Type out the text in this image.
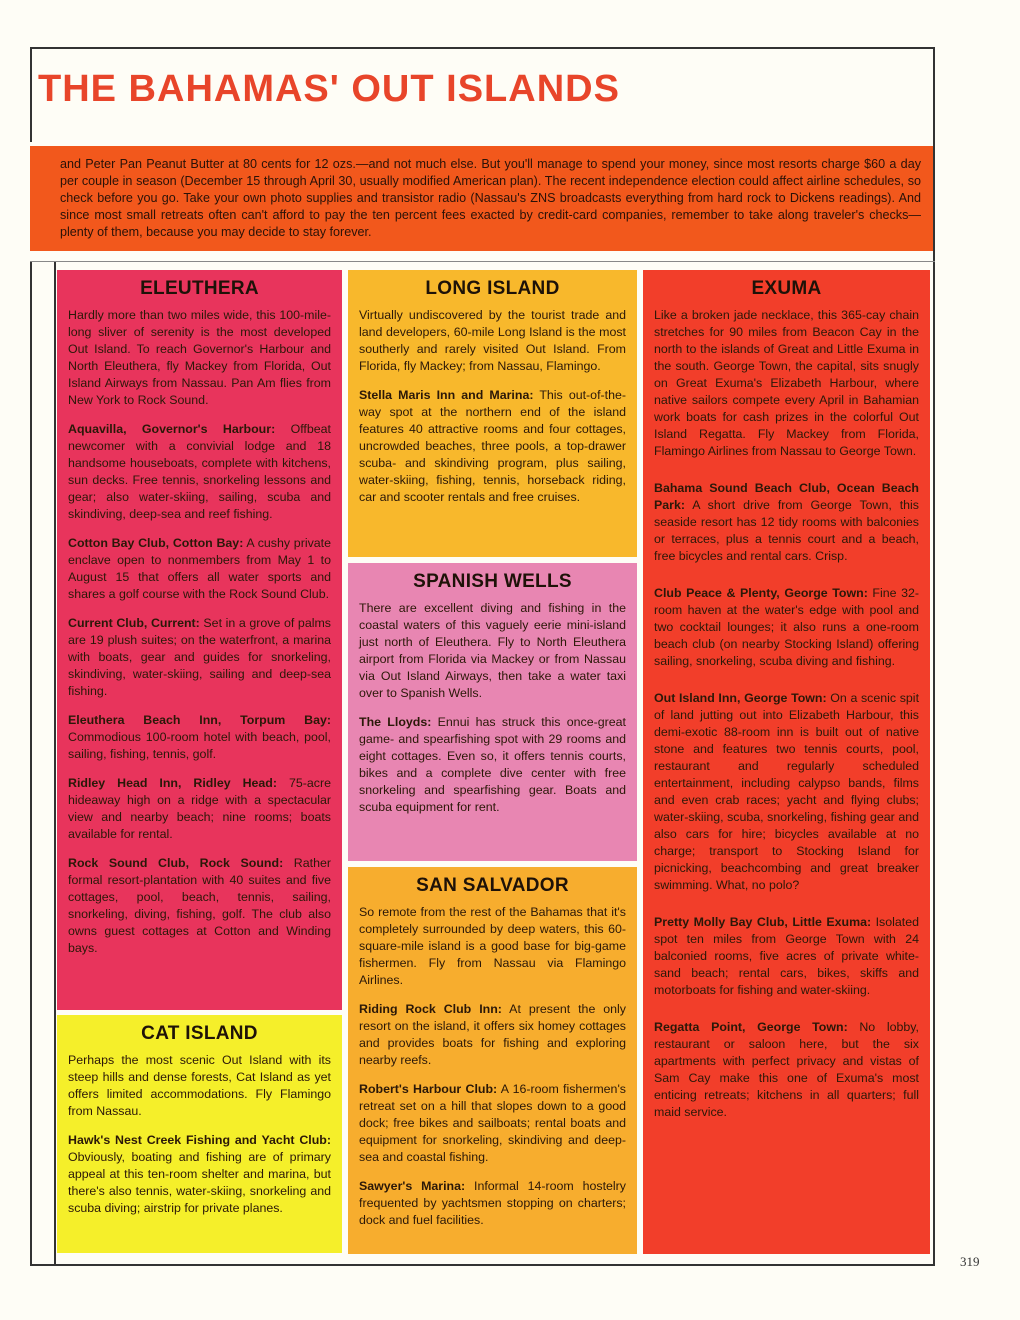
THE BAHAMAS' OUT ISLANDS
and Peter Pan Peanut Butter at 80 cents for 12 ozs.—and not much else. But you'll manage to spend your money, since most resorts charge $60 a day per couple in season (December 15 through April 30, usually modified American plan). The recent independence election could affect airline schedules, so check before you go. Take your own photo supplies and transistor radio (Nassau's ZNS broadcasts everything from hard rock to Dickens readings). And since most small retreats often can't afford to pay the ten percent fees exacted by credit-card companies, remember to take along traveler's checks—plenty of them, because you may decide to stay forever.
ELEUTHERA

Hardly more than two miles wide, this 100-mile-long sliver of serenity is the most developed Out Island. To reach Governor's Harbour and North Eleuthera, fly Mackey from Florida, Out Island Airways from Nassau. Pan Am flies from New York to Rock Sound.

Aquavilla, Governor's Harbour: Offbeat newcomer with a convivial lodge and 18 handsome houseboats, complete with kitchens, sun decks. Free tennis, snorkeling lessons and gear; also water-skiing, sailing, scuba and skindiving, deep-sea and reef fishing.

Cotton Bay Club, Cotton Bay: A cushy private enclave open to nonmembers from May 1 to August 15 that offers all water sports and shares a golf course with the Rock Sound Club.

Current Club, Current: Set in a grove of palms are 19 plush suites; on the waterfront, a marina with boats, gear and guides for snorkeling, skindiving, water-skiing, sailing and deep-sea fishing.

Eleuthera Beach Inn, Torpum Bay: Commodious 100-room hotel with beach, pool, sailing, fishing, tennis, golf.

Ridley Head Inn, Ridley Head: 75-acre hideaway high on a ridge with a spectacular view and nearby beach; nine rooms; boats available for rental.

Rock Sound Club, Rock Sound: Rather formal resort-plantation with 40 suites and five cottages, pool, beach, tennis, sailing, snorkeling, diving, fishing, golf. The club also owns guest cottages at Cotton and Winding bays.

CAT ISLAND

Perhaps the most scenic Out Island with its steep hills and dense forests, Cat Island as yet offers limited accommodations. Fly Flamingo from Nassau.

Hawk's Nest Creek Fishing and Yacht Club: Obviously, boating and fishing are of primary appeal at this ten-room shelter and marina, but there's also tennis, water-skiing, snorkeling and scuba diving; airstrip for private planes.

LONG ISLAND

Virtually undiscovered by the tourist trade and land developers, 60-mile Long Island is the most southerly and rarely visited Out Island. From Florida, fly Mackey; from Nassau, Flamingo.

Stella Maris Inn and Marina: This out-of-the-way spot at the northern end of the island features 40 attractive rooms and four cottages, uncrowded beaches, three pools, a top-drawer scuba- and skindiving program, plus sailing, water-skiing, fishing, tennis, horseback riding, car and scooter rentals and free cruises.

SPANISH WELLS

There are excellent diving and fishing in the coastal waters of this vaguely eerie mini-island just north of Eleuthera. Fly to North Eleuthera airport from Florida via Mackey or from Nassau via Out Island Airways, then take a water taxi over to Spanish Wells.

The Lloyds: Ennui has struck this once-great game- and spearfishing spot with 29 rooms and eight cottages. Even so, it offers tennis courts, bikes and a complete dive center with free snorkeling and spearfishing gear. Boats and scuba equipment for rent.

SAN SALVADOR

So remote from the rest of the Bahamas that it's completely surrounded by deep waters, this 60-square-mile island is a good base for big-game fishermen. Fly from Nassau via Flamingo Airlines.

Riding Rock Club Inn: At present the only resort on the island, it offers six homey cottages and provides boats for fishing and exploring nearby reefs.

Robert's Harbour Club: A 16-room fishermen's retreat set on a hill that slopes down to a good dock; free bikes and sailboats; rental boats and equipment for snorkeling, skindiving and deep-sea and coastal fishing.

Sawyer's Marina: Informal 14-room hostelry frequented by yachtsmen stopping on charters; dock and fuel facilities.

EXUMA

Like a broken jade necklace, this 365-cay chain stretches for 90 miles from Beacon Cay in the north to the islands of Great and Little Exuma in the south. George Town, the capital, sits snugly on Great Exuma's Elizabeth Harbour, where native sailors compete every April in Bahamian work boats for cash prizes in the colorful Out Island Regatta. Fly Mackey from Florida, Flamingo Airlines from Nassau to George Town.

Bahama Sound Beach Club, Ocean Beach Park: A short drive from George Town, this seaside resort has 12 tidy rooms with balconies or terraces, plus a tennis court and a beach, free bicycles and rental cars. Crisp.

Club Peace & Plenty, George Town: Fine 32-room haven at the water's edge with pool and two cocktail lounges; it also runs a one-room beach club (on nearby Stocking Island) offering sailing, snorkeling, scuba diving and fishing.

Out Island Inn, George Town: On a scenic spit of land jutting out into Elizabeth Harbour, this demi-exotic 88-room inn is built out of native stone and features two tennis courts, pool, restaurant and regularly scheduled entertainment, including calypso bands, films and even crab races; yacht and flying clubs; water-skiing, scuba, snorkeling, fishing gear and also cars for hire; bicycles available at no charge; transport to Stocking Island for picnicking, beachcombing and great breaker swimming. What, no polo?

Pretty Molly Bay Club, Little Exuma: Isolated spot ten miles from George Town with 24 balconied rooms, five acres of private white-sand beach; rental cars, bikes, skiffs and motorboats for fishing and water-skiing.

Regatta Point, George Town: No lobby, restaurant or saloon here, but the six apartments with perfect privacy and vistas of Sam Cay make this one of Exuma's most enticing retreats; kitchens in all quarters; full maid service.

319
